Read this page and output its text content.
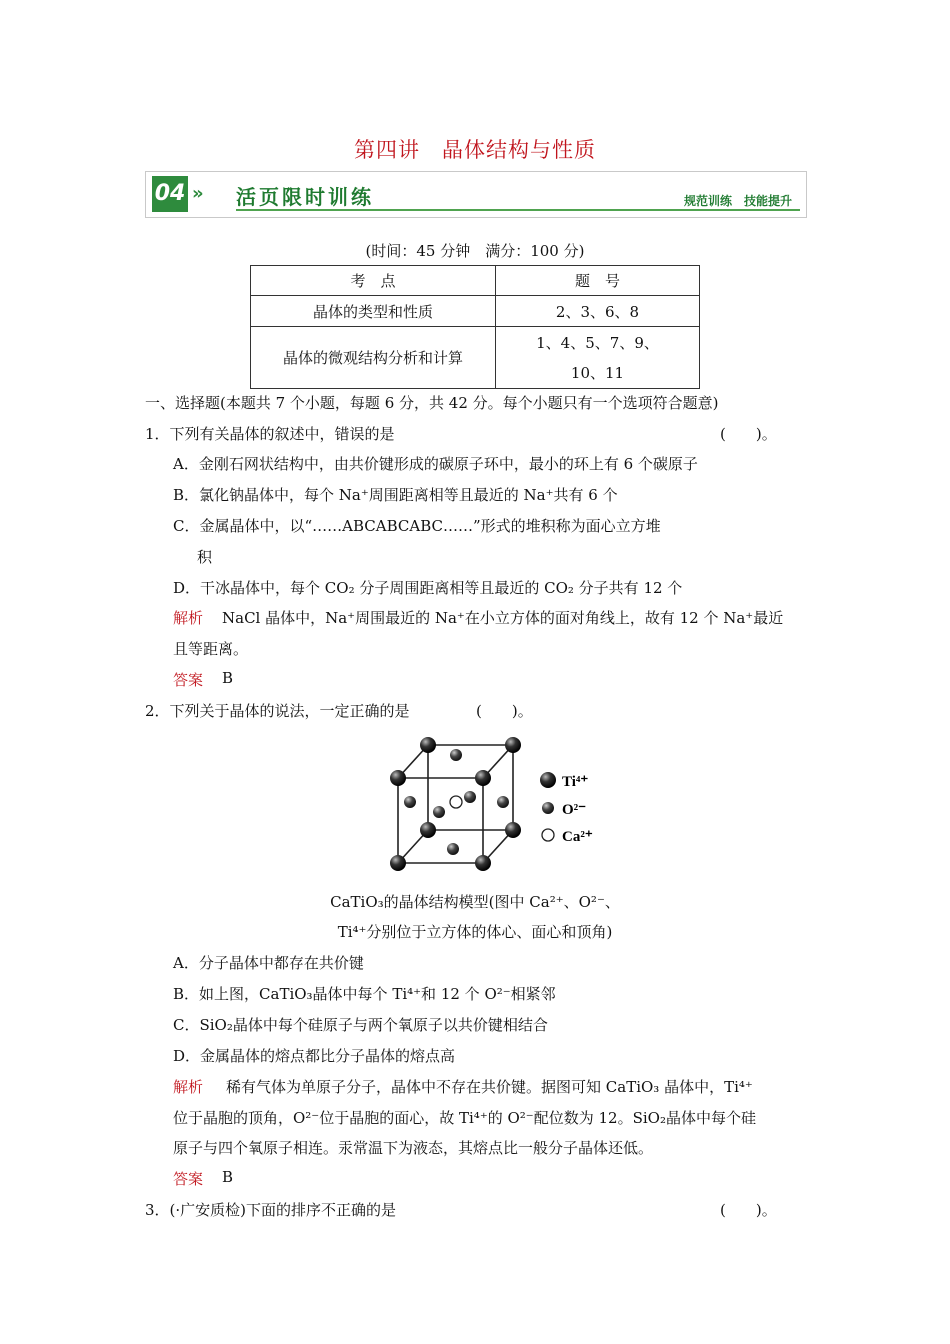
第四讲　晶体结构与性质
04 » 活页限时训练	规范训练　技能提升
(时间：45 分钟　满分：100 分)
考　点	题　号
晶体的类型和性质	2、3、6、8
晶体的微观结构分析和计算	1、4、5、7、9、10、11
一、选择题(本题共 7 个小题，每题 6 分，共 42 分。每个小题只有一个选项符合题意)
1．下列有关晶体的叙述中，错误的是	(　　)。
A．金刚石网状结构中，由共价键形成的碳原子环中，最小的环上有 6 个碳原子
B．氯化钠晶体中，每个 Na⁺周围距离相等且最近的 Na⁺共有 6 个
C．金属晶体中，以“……ABCABCABC……”形式的堆积称为面心立方堆
积
D．干冰晶体中，每个 CO₂ 分子周围距离相等且最近的 CO₂ 分子共有 12 个
解析 NaCl 晶体中，Na⁺周围最近的 Na⁺在小立方体的面对角线上，故有 12 个 Na⁺最近
且等距离。
答案 B
2．下列关于晶体的说法，一定正确的是	(　　)。
Ti⁴⁺
O²⁻
Ca²⁺
CaTiO₃的晶体结构模型(图中 Ca²⁺、O²⁻、
Ti⁴⁺分别位于立方体的体心、面心和顶角)
A．分子晶体中都存在共价键
B．如上图，CaTiO₃晶体中每个 Ti⁴⁺和 12 个 O²⁻相紧邻
C．SiO₂晶体中每个硅原子与两个氧原子以共价键相结合
D．金属晶体的熔点都比分子晶体的熔点高
解析 稀有气体为单原子分子，晶体中不存在共价键。据图可知 CaTiO₃ 晶体中，Ti⁴⁺
位于晶胞的顶角，O²⁻位于晶胞的面心，故 Ti⁴⁺的 O²⁻配位数为 12。SiO₂晶体中每个硅
原子与四个氧原子相连。汞常温下为液态，其熔点比一般分子晶体还低。
答案 B
3．(·广安质检)下面的排序不正确的是	(　　)。
